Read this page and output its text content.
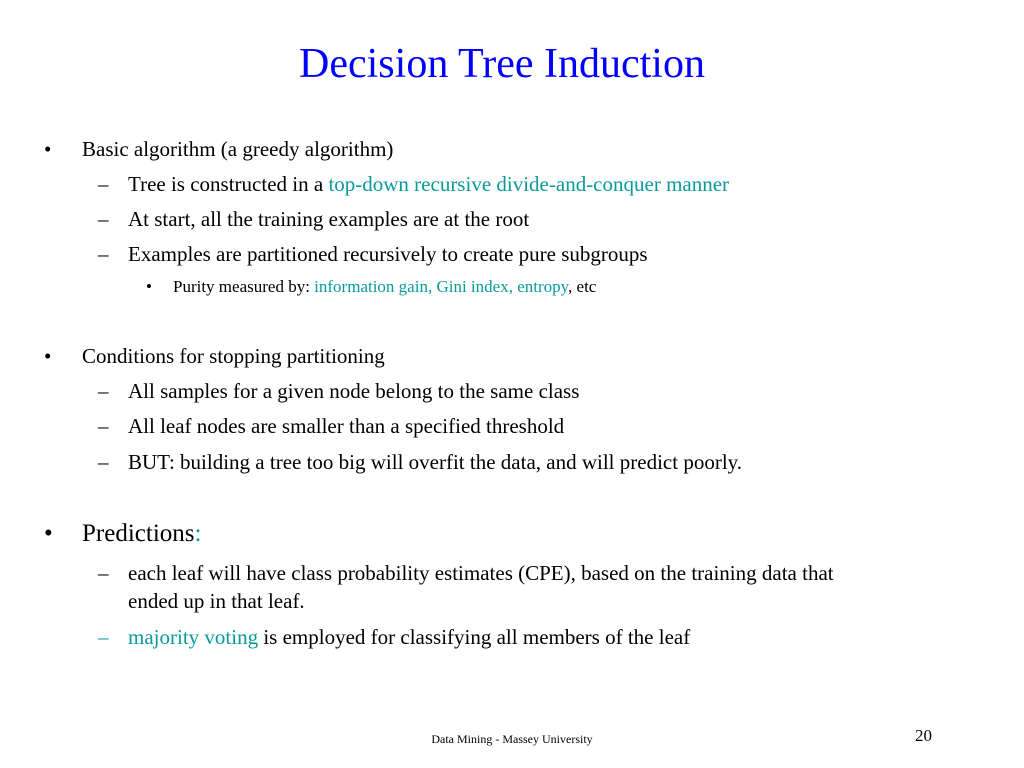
Decision Tree Induction
• Basic algorithm (a greedy algorithm)
– Tree is constructed in a top-down recursive divide-and-conquer manner
– At start, all the training examples are at the root
– Examples are partitioned recursively to create pure subgroups
• Purity measured by: information gain, Gini index, entropy, etc
• Conditions for stopping partitioning
– All samples for a given node belong to the same class
– All leaf nodes are smaller than a specified threshold
– BUT: building a tree too big will overfit the data, and will predict poorly.
• Predictions:
– each leaf will have class probability estimates (CPE), based on the training data that
ended up in that leaf.
– majority voting is employed for classifying all members of the leaf
Data Mining - Massey University	20
